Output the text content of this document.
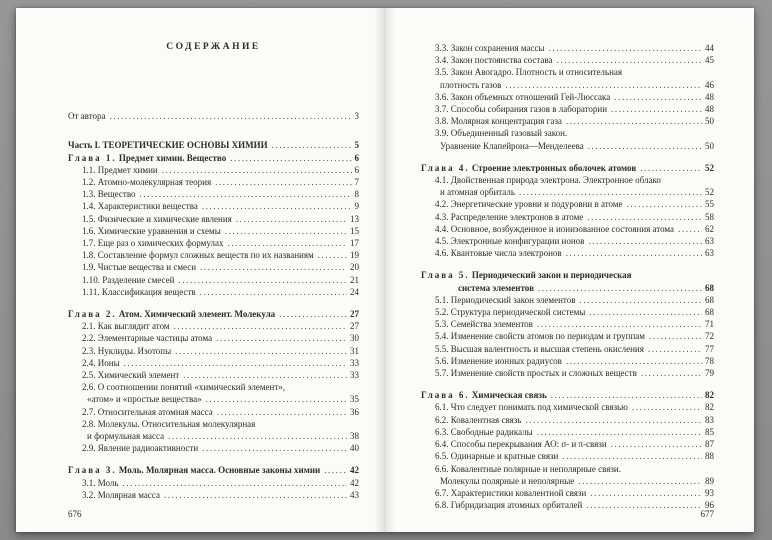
СОДЕРЖАНИЕ
От автора .....	3
Часть I. ТЕОРЕТИЧЕСКИЕ ОСНОВЫ ХИМИИ .....	5
Глава 1. Предмет химии. Вещество .....	6
1.1. Предмет химии .....	6
1.2. Атомно-молекулярная теория .....	7
1.3. Вещество .....	8
1.4. Характеристики вещества .....	9
1.5. Физические и химические явления .....	13
1.6. Химические уравнения и схемы .....	15
1.7. Еще раз о химических формулах .....	17
1.8. Составление формул сложных веществ по их названиям .....	19
1.9. Чистые вещества и смеси .....	20
1.10. Разделение смесей .....	21
1.11. Классификация веществ .....	24
Глава 2. Атом. Химический элемент. Молекула .....	27
2.1. Как выглядит атом .....	27
2.2. Элементарные частицы атома .....	30
2.3. Нуклиды. Изотопы .....	31
2.4. Ионы .....	33
2.5. Химический элемент .....	33
2.6. О соотношении понятий «химический элемент»,
«атом» и «простые вещества» .....	35
2.7. Относительная атомная масса .....	36
2.8. Молекулы. Относительная молекулярная
и формульная масса .....	38
2.9. Явление радиоактивности .....	40
Глава 3. Моль. Молярная масса. Основные законы химии .....	42
3.1. Моль .....	42
3.2. Молярная масса .....	43
676
3.3. Закон сохранения массы .....	44
3.4. Закон постоянства состава .....	45
3.5. Закон Авогадро. Плотность и относительная
плотность газов .....	46
3.6. Закон объемных отношений Гей-Люссака .....	48
3.7. Способы собирания газов в лаборатории .....	48
3.8. Молярная концентрация газа .....	50
3.9. Объединенный газовый закон.
Уравнение Клапейрона—Менделеева .....	50
Глава 4. Строение электронных оболочек атомов .....	52
4.1. Двойственная природа электрона. Электронное облако
и атомная орбиталь .....	52
4.2. Энергетические уровни и подуровни в атоме .....	55
4.3. Распределение электронов в атоме .....	58
4.4. Основное, возбужденное и ионизованное состояния атома .....	62
4.5. Электронные конфигурации ионов .....	63
4.6. Квантовые числа электронов .....	63
Глава 5. Периодический закон и периодическая
система элементов .....	68
5.1. Периодический закон элементов .....	68
5.2. Структура периодической системы .....	68
5.3. Семейства элементов .....	71
5.4. Изменение свойств атомов по периодам и группам .....	72
5.5. Высшая валентность и высшая степень окисления .....	77
5.6. Изменение ионных радиусов .....	78
5.7. Изменение свойств простых и сложных веществ .....	79
Глава 6. Химическая связь .....	82
6.1. Что следует понимать под химической связью .....	82
6.2. Ковалентная связь .....	83
6.3. Свободные радикалы .....	85
6.4. Способы перекрывания АО: σ- и π-связи .....	87
6.5. Одинарные и кратные связи .....	88
6.6. Ковалентные полярные и неполярные связи.
Молекулы полярные и неполярные .....	89
6.7. Характеристики ковалентной связи .....	93
6.8. Гибридизация атомных орбиталей .....	96
677
